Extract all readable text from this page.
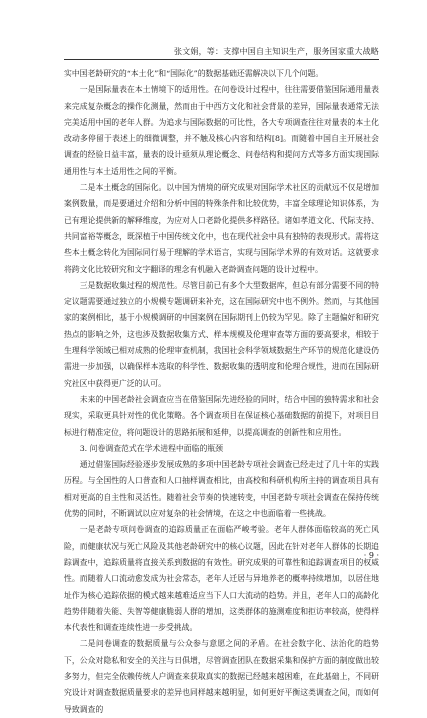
张文娟，等：支撑中国自主知识生产，服务国家重大战略

实中国老龄研究的“本土化”和“国际化”的数据基础还需解决以下几个问题。

一是国际量表在本土情境下的适用性。在问卷设计过程中，往往需要借鉴国际通用量表来完成复杂概念的操作化测量，然而由于中西方文化和社会背景的差异，国际量表通常无法完美适用中国的老年人群。为追求与国际数据的可比性，各大专项调查往往对量表的本土化改动多停留于表述上的细微调整，并不触及核心内容和结构[8]。而随着中国自主开展社会调查的经验日益丰富，量表的设计亟须从理论概念、问卷结构和提问方式等多方面实现国际通用性与本土适用性之间的平衡。

二是本土概念的国际化。以中国为情境的研究成果对国际学术社区的贡献远不仅是增加案例数量，而是要通过介绍和分析中国的特殊条件和比较优势，丰富全球理论知识体系，为已有理论提供新的解释维度，为应对人口老龄化提供多样路径。诸如孝道文化、代际支持、共同富裕等概念，既深植于中国传统文化中，也在现代社会中具有独特的表现形式。需将这些本土概念转化为国际同行易于理解的学术语言，实现与国际学术界的有效对话。这就要求将跨文化比较研究和文字翻译的理念有机融入老龄调查问题的设计过程中。

三是数据收集过程的规范性。尽管目前已有多个大型数据库，但总有部分需要不同的特定议题需要通过独立的小规模专题调研来补充，这在国际研究中也不例外。然而，与其他国家的案例相比，基于小规模调研的中国案例在国际期刊上仍较为罕见。除了主题偏好和研究热点的影响之外，这也涉及数据收集方式、样本规模及伦理审查等方面的要高要求，相较于生理科学领域已相对成熟的伦理审查机制，我国社会科学领域数据生产环节的规范化建设仍需进一步加强，以确保样本选取的科学性、数据收集的透明度和伦理合规性，进而在国际研究社区中获得更广泛的认可。

未来的中国老龄社会调查应当在借鉴国际先进经验的同时，结合中国的独特需求和社会现实，采取更具针对性的优化策略。各个调查项目在保证核心基础数据的前提下，对项目目标进行精准定位，将问题设计的思路拓展和延伸，以提高调查的创新性和应用性。

3. 问卷调查范式在学术进程中面临的瓶颈

通过借鉴国际经验逐步发展成熟的多项中国老龄专项社会调查已经走过了几十年的实践历程。与全国性的人口普查和人口抽样调查相比，由高校和科研机构所主持的调查项目具有相对更高的自主性和灵活性。随着社会节奏的快速转变，中国老龄专项社会调查在保持传统优势的同时，不断调试以应对复杂的社会情境，在这之中也面临着一些挑战。

一是老龄专项问卷调查的追踪质量正在面临严峻考验。老年人群体面临较高的死亡风险，而健康状况与死亡风险及其他老龄研究中的核心议题，因此在针对老年人群体的长期追踪调查中，追踪质量将直接关系到数据的有效性。研究成果的可靠性和追踪调查项目的权威性。而随着人口流动愈发成为社会常态，老年人迁居与异地养老的概率持续增加，以居住地址作为核心追踪依据的模式越来越难适应当下人口大流动的趋势。并且，老年人口的高龄化趋势伴随着失能、失智等健康脆弱人群的增加，这类群体的施测难度和拒访率较高，使得样本代表性和调查连续性进一步受挑战。

二是问卷调查的数据质量与公众参与意愿之间的矛盾。在社会数字化、法治化的趋势下，公众对隐私和安全的关注与日俱增，尽管调查团队在数据采集和保护方面的制度做出较多努力，但完全依赖传统人户调查来获取真实的数据已经越来越困难，在此基础上，不同研究设计对调查数据质量要求的差异也同样越来越明显，如何更好平衡这类调查之间，而如何导致调查的

· 9 ·
